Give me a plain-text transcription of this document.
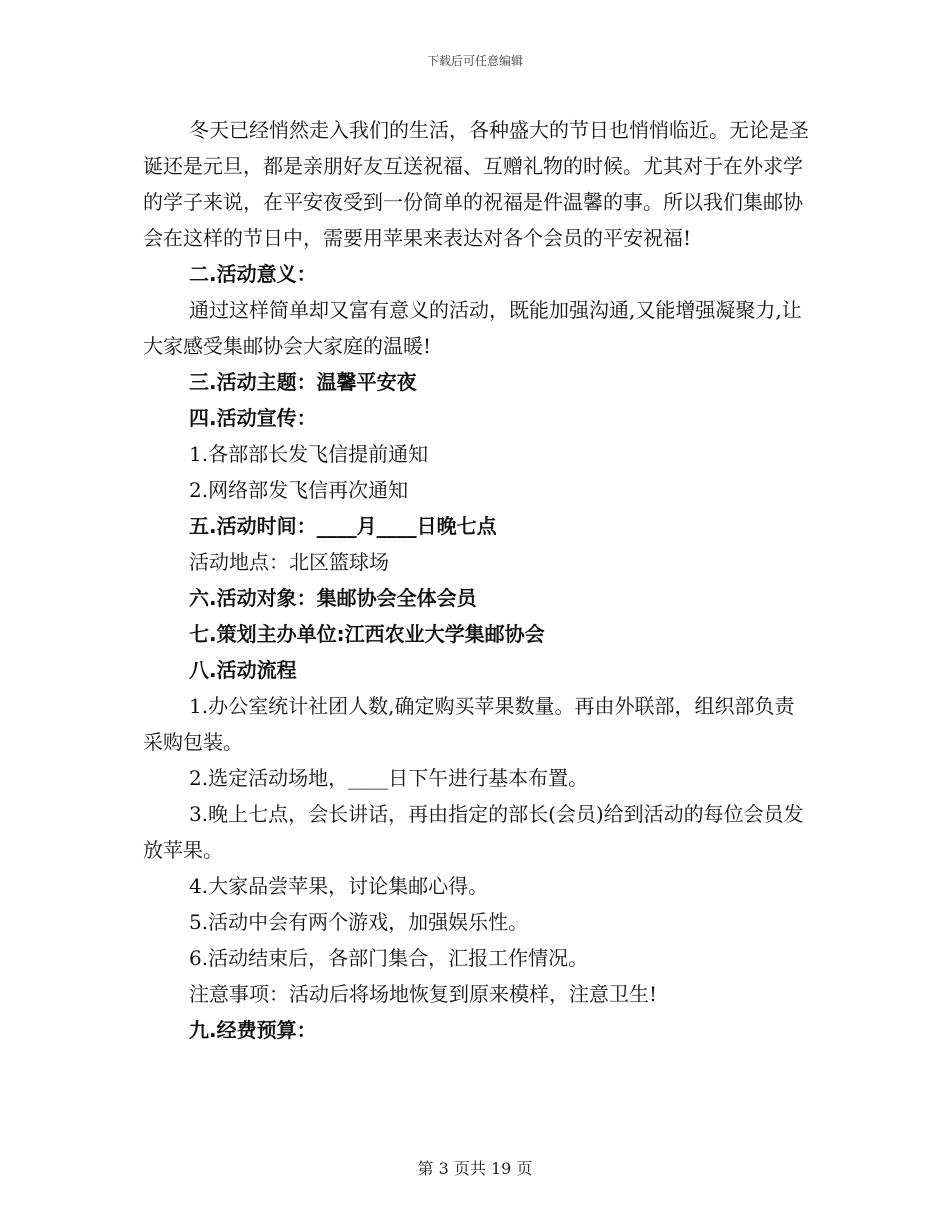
下载后可任意编辑

冬天已经悄然走入我们的生活，各种盛大的节日也悄悄临近。无论是圣诞还是元旦，都是亲朋好友互送祝福、互赠礼物的时候。尤其对于在外求学的学子来说，在平安夜受到一份简单的祝福是件温馨的事。所以我们集邮协会在这样的节日中，需要用苹果来表达对各个会员的平安祝福!

二.活动意义：

通过这样简单却又富有意义的活动，既能加强沟通,又能增强凝聚力,让大家感受集邮协会大家庭的温暖!

三.活动主题：温馨平安夜

四.活动宣传：

1.各部部长发飞信提前通知

2.网络部发飞信再次通知

五.活动时间：____月____日晚七点

活动地点：北区篮球场

六.活动对象：集邮协会全体会员

七.策划主办单位:江西农业大学集邮协会

八.活动流程

1.办公室统计社团人数,确定购买苹果数量。再由外联部，组织部负责采购包装。

2.选定活动场地，____日下午进行基本布置。

3.晚上七点，会长讲话，再由指定的部长(会员)给到活动的每位会员发放苹果。

4.大家品尝苹果，讨论集邮心得。

5.活动中会有两个游戏，加强娱乐性。

6.活动结束后，各部门集合，汇报工作情况。

注意事项：活动后将场地恢复到原来模样，注意卫生!

九.经费预算：

第 3 页共 19 页
